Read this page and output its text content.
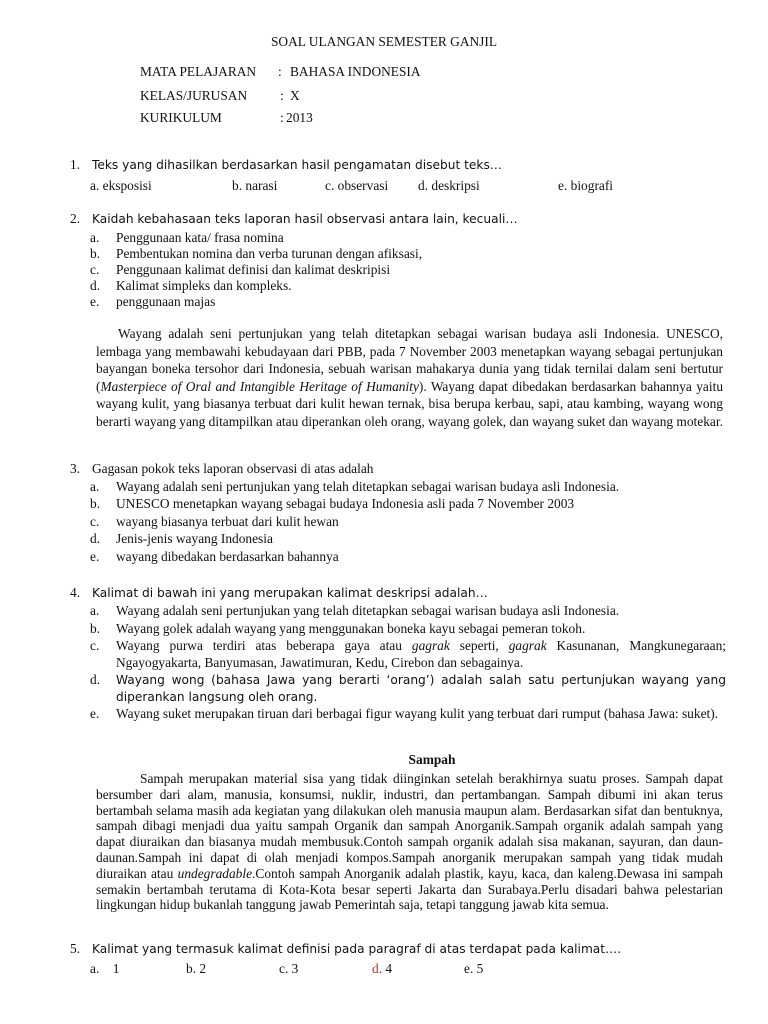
SOAL ULANGAN SEMESTER GANJIL
MATA PELAJARAN : BAHASA INDONESIA
KELAS/JURUSAN : X
KURIKULUM	: 2013
1. Teks yang dihasilkan berdasarkan hasil pengamatan disebut teks…
a. eksposisi	b. narasi	c. observasi d. deskripsi	e. biografi
2. Kaidah kebahasaan teks laporan hasil observasi antara lain, kecuali…
a. Penggunaan kata/ frasa nomina
b. Pembentukan nomina dan verba turunan dengan afiksasi,
c. Penggunaan kalimat definisi dan kalimat deskripisi
d. Kalimat simpleks dan kompleks.
e. penggunaan majas
Wayang adalah seni pertunjukan yang telah ditetapkan sebagai warisan budaya asli Indonesia. UNESCO, lembaga yang membawahi kebudayaan dari PBB, pada 7 November 2003 menetapkan wayang sebagai pertunjukan bayangan boneka tersohor dari Indonesia, sebuah warisan mahakarya dunia yang tidak ternilai dalam seni bertutur (Masterpiece of Oral and Intangible Heritage of Humanity). Wayang dapat dibedakan berdasarkan bahannya yaitu wayang kulit, yang biasanya terbuat dari kulit hewan ternak, bisa berupa kerbau, sapi, atau kambing, wayang wong berarti wayang yang ditampilkan atau diperankan oleh orang, wayang golek, dan wayang suket dan wayang motekar.
3. Gagasan pokok teks laporan observasi di atas adalah
a. Wayang adalah seni pertunjukan yang telah ditetapkan sebagai warisan budaya asli Indonesia.
b. UNESCO menetapkan wayang sebagai budaya Indonesia asli pada 7 November 2003
c. wayang biasanya terbuat dari kulit hewan
d. Jenis-jenis wayang Indonesia
e. wayang dibedakan berdasarkan bahannya
4. Kalimat di bawah ini yang merupakan kalimat deskripsi adalah…
a. Wayang adalah seni pertunjukan yang telah ditetapkan sebagai warisan budaya asli Indonesia.
b. Wayang golek adalah wayang yang menggunakan boneka kayu sebagai pemeran tokoh.
c. Wayang purwa terdiri atas beberapa gaya atau gagrak seperti, gagrak Kasunanan, Mangkunegaraan; Ngayogyakarta, Banyumasan, Jawatimuran, Kedu, Cirebon dan sebagainya.
d. Wayang wong (bahasa Jawa yang berarti ‘orang’) adalah salah satu pertunjukan wayang yang diperankan langsung oleh orang.
e. Wayang suket merupakan tiruan dari berbagai figur wayang kulit yang terbuat dari rumput (bahasa Jawa: suket).
Sampah
Sampah merupakan material sisa yang tidak diinginkan setelah berakhirnya suatu proses. Sampah dapat bersumber dari alam, manusia, konsumsi, nuklir, industri, dan pertambangan. Sampah dibumi ini akan terus bertambah selama masih ada kegiatan yang dilakukan oleh manusia maupun alam. Berdasarkan sifat dan bentuknya, sampah dibagi menjadi dua yaitu sampah Organik dan sampah Anorganik.Sampah organik adalah sampah yang dapat diuraikan dan biasanya mudah membusuk.Contoh sampah organik adalah sisa makanan, sayuran, dan daun-daunan.Sampah ini dapat di olah menjadi kompos.Sampah anorganik merupakan sampah yang tidak mudah diuraikan atau undegradable.Contoh sampah Anorganik adalah plastik, kayu, kaca, dan kaleng.Dewasa ini sampah semakin bertambah terutama di Kota-Kota besar seperti Jakarta dan Surabaya.Perlu disadari bahwa pelestarian lingkungan hidup bukanlah tanggung jawab Pemerintah saja, tetapi tanggung jawab kita semua.
5. Kalimat yang termasuk kalimat definisi pada paragraf di atas terdapat pada kalimat….
a. 1	b. 2	c. 3	d. 4	e. 5
